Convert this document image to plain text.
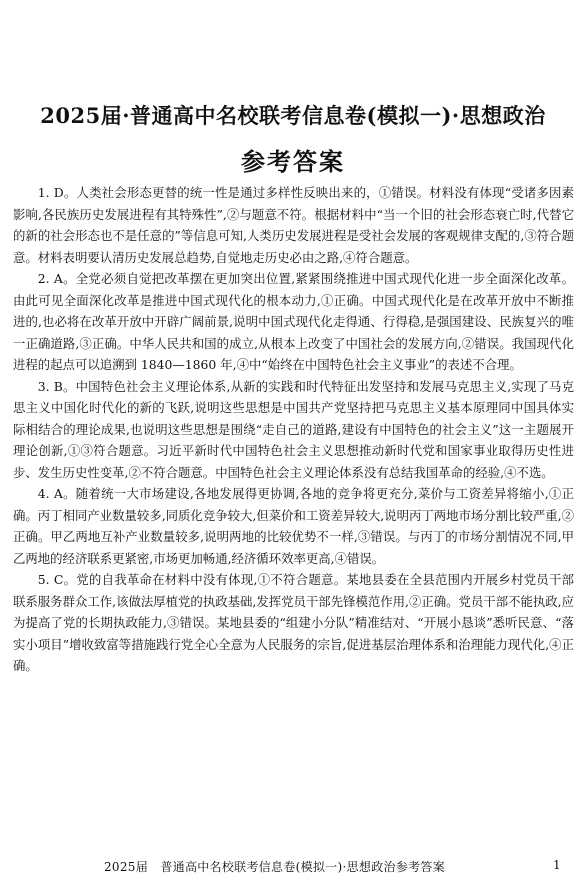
2025届·普通高中名校联考信息卷(模拟一)·思想政治
参考答案

1. D。人类社会形态更替的统一性是通过多样性反映出来的，①错误。材料没有体现“受诸多因素影响,各民族历史发展进程有其特殊性”,②与题意不符。根据材料中“当一个旧的社会形态衰亡时,代替它的新的社会形态也不是任意的”等信息可知,人类历史发展进程是受社会发展的客观规律支配的,③符合题意。材料表明要认清历史发展总趋势,自觉地走历史必由之路,④符合题意。

2. A。全党必须自觉把改革摆在更加突出位置,紧紧围绕推进中国式现代化进一步全面深化改革。由此可见全面深化改革是推进中国式现代化的根本动力,①正确。中国式现代化是在改革开放中不断推进的,也必将在改革开放中开辟广阔前景,说明中国式现代化走得通、行得稳,是强国建设、民族复兴的唯一正确道路,③正确。中华人民共和国的成立,从根本上改变了中国社会的发展方向,②错误。我国现代化进程的起点可以追溯到 1840—1860 年,④中“始终在中国特色社会主义事业”的表述不合理。

3. B。中国特色社会主义理论体系,从新的实践和时代特征出发坚持和发展马克思主义,实现了马克思主义中国化时代化的新的飞跃,说明这些思想是中国共产党坚持把马克思主义基本原理同中国具体实际相结合的理论成果,也说明这些思想是围绕“走自己的道路,建设有中国特色的社会主义”这一主题展开理论创新,①③符合题意。习近平新时代中国特色社会主义思想推动新时代党和国家事业取得历史性进步、发生历史性变革,②不符合题意。中国特色社会主义理论体系没有总结我国革命的经验,④不选。

4. A。随着统一大市场建设,各地发展得更协调,各地的竞争将更充分,菜价与工资差异将缩小,①正确。丙丁相同产业数量较多,同质化竞争较大,但菜价和工资差异较大,说明丙丁两地市场分割比较严重,②正确。甲乙两地互补产业数量较多,说明两地的比较优势不一样,③错误。与丙丁的市场分割情况不同,甲乙两地的经济联系更紧密,市场更加畅通,经济循环效率更高,④错误。

5. C。党的自我革命在材料中没有体现,①不符合题意。某地县委在全县范围内开展乡村党员干部联系服务群众工作,该做法厚植党的执政基础,发挥党员干部先锋模范作用,②正确。党员干部不能执政,应为提高了党的长期执政能力,③错误。某地县委的“组建小分队”精准结对、“开展小恳谈”悉听民意、“落实小项目”增收致富等措施践行党全心全意为人民服务的宗旨,促进基层治理体系和治理能力现代化,④正确。

2025届　普通高中名校联考信息卷(模拟一)·思想政治参考答案	1
